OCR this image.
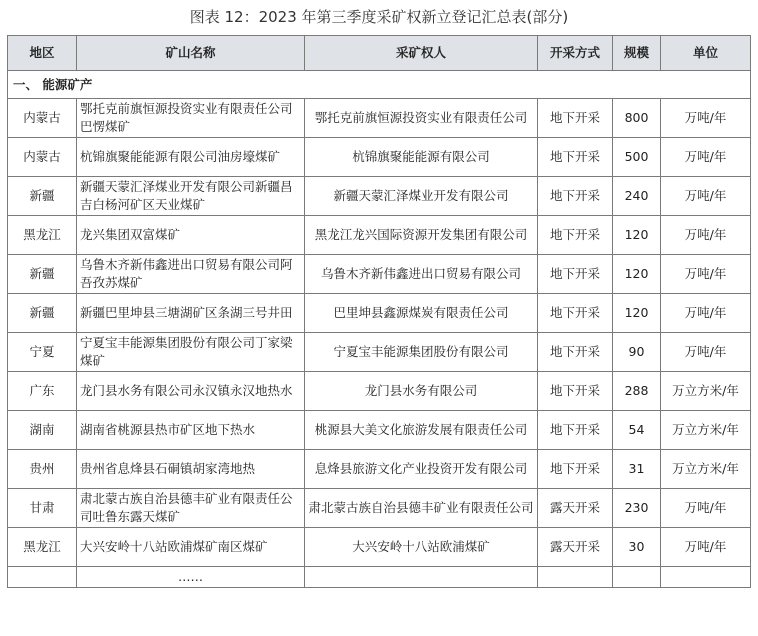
图表 12：2023 年第三季度采矿权新立登记汇总表(部分)
地区	矿山名称	采矿权人	开采方式	规模	单位
一、 能源矿产					
内蒙古	鄂托克前旗恒源投资实业有限责任公司巴愣煤矿	鄂托克前旗恒源投资实业有限责任公司	地下开采	800	万吨/年
内蒙古	杭锦旗聚能能源有限公司油房壕煤矿	杭锦旗聚能能源有限公司	地下开采	500	万吨/年
新疆	新疆天蒙汇泽煤业开发有限公司新疆昌吉白杨河矿区天业煤矿	新疆天蒙汇泽煤业开发有限公司	地下开采	240	万吨/年
黑龙江	龙兴集团双富煤矿	黑龙江龙兴国际资源开发集团有限公司	地下开采	120	万吨/年
新疆	乌鲁木齐新伟鑫进出口贸易有限公司阿吾孜苏煤矿	乌鲁木齐新伟鑫进出口贸易有限公司	地下开采	120	万吨/年
新疆	新疆巴里坤县三塘湖矿区条湖三号井田	巴里坤县鑫源煤炭有限责任公司	地下开采	120	万吨/年
宁夏	宁夏宝丰能源集团股份有限公司丁家梁煤矿	宁夏宝丰能源集团股份有限公司	地下开采	90	万吨/年
广东	龙门县水务有限公司永汉镇永汉地热水	龙门县水务有限公司	地下开采	288	万立方米/年
湖南	湖南省桃源县热市矿区地下热水	桃源县大美文化旅游发展有限责任公司	地下开采	54	万立方米/年
贵州	贵州省息烽县石硐镇胡家湾地热	息烽县旅游文化产业投资开发有限公司	地下开采	31	万立方米/年
甘肃	肃北蒙古族自治县德丰矿业有限责任公司吐鲁东露天煤矿	肃北蒙古族自治县德丰矿业有限责任公司	露天开采	230	万吨/年
黑龙江	大兴安岭十八站欧浦煤矿南区煤矿	大兴安岭十八站欧浦煤矿	露天开采	30	万吨/年
	……				
